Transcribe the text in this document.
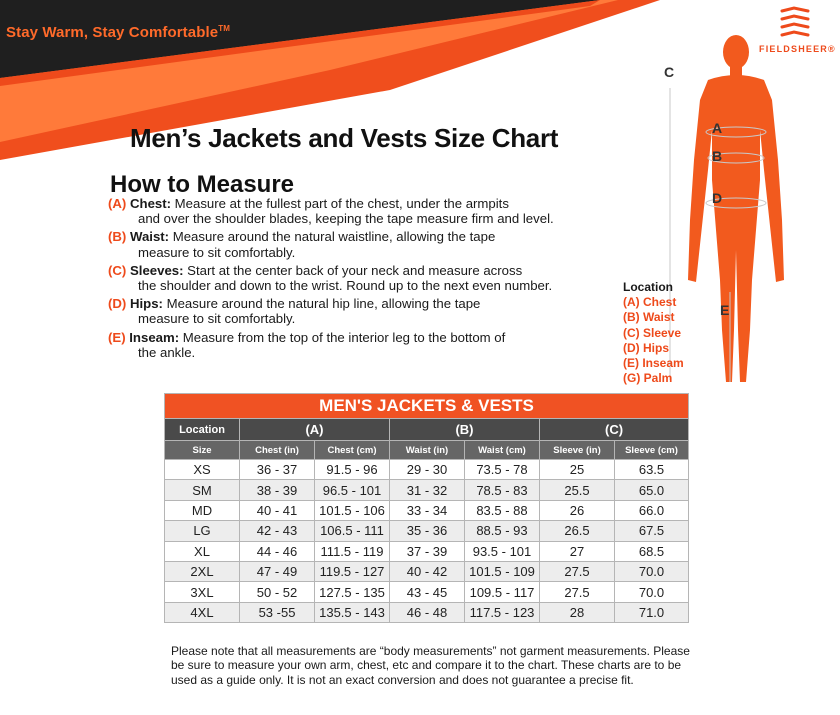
Stay Warm, Stay Comfortable™
FIELDSHEER®
Men’s Jackets and Vests Size Chart
How to Measure
(A) Chest: Measure at the fullest part of the chest, under the armpits
and over the shoulder blades, keeping the tape measure firm and level.
(B) Waist: Measure around the natural waistline, allowing the tape
measure to sit comfortably.
(C) Sleeves: Start at the center back of your neck and measure across
the shoulder and down to the wrist. Round up to the next even number.
(D) Hips: Measure around the natural hip line, allowing the tape
measure to sit comfortably.
(E) Inseam: Measure from the top of the interior leg to the bottom of
the ankle.
C
A
B
D
E
Location
(A) Chest
(B) Waist
(C) Sleeve
(D) Hips
(E) Inseam
(G) Palm
MEN'S JACKETS & VESTS						
Location	(A)		(B)		(C)	
Size	Chest (in)	Chest (cm)	Waist (in)	Waist (cm)	Sleeve (in)	Sleeve (cm)
XS	36 - 37	91.5 - 96	29 - 30	73.5 - 78	25	63.5
SM	38 - 39	96.5 - 101	31 - 32	78.5 - 83	25.5	65.0
MD	40 - 41	101.5 - 106	33 - 34	83.5 - 88	26	66.0
LG	42 - 43	106.5 - 111	35 - 36	88.5 - 93	26.5	67.5
XL	44 - 46	111.5 - 119	37 - 39	93.5 - 101	27	68.5
2XL	47 - 49	119.5 - 127	40 - 42	101.5 - 109	27.5	70.0
3XL	50 - 52	127.5 - 135	43 - 45	109.5 - 117	27.5	70.0
4XL	53 -55	135.5 - 143	46 - 48	117.5 - 123	28	71.0
Please note that all measurements are “body measurements” not garment measurements. Please be sure to measure your own arm, chest, etc and compare it to the chart. These charts are to be used as a guide only. It is not an exact conversion and does not guarantee a precise fit.
